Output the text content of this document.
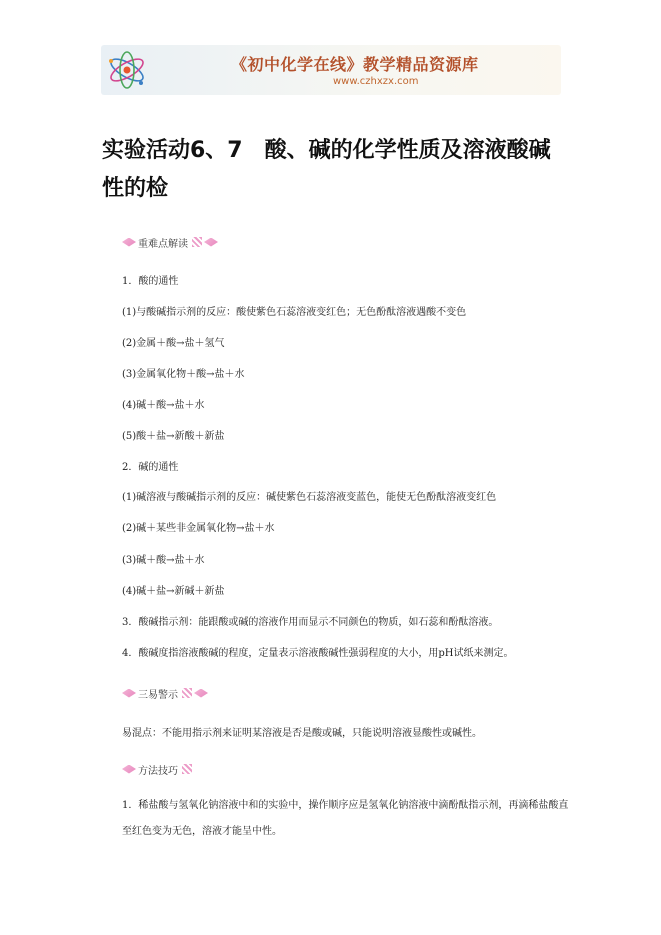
《初中化学在线》教学精品资源库
www.czhxzx.com
实验活动6、7　酸、碱的化学性质及溶液酸碱性的检
重难点解读
1．酸的通性
(1)与酸碱指示剂的反应：酸使紫色石蕊溶液变红色；无色酚酞溶液遇酸不变色
(2)金属＋酸→盐＋氢气
(3)金属氧化物＋酸→盐＋水
(4)碱＋酸→盐＋水
(5)酸＋盐→新酸＋新盐
2．碱的通性
(1)碱溶液与酸碱指示剂的反应：碱使紫色石蕊溶液变蓝色，能使无色酚酞溶液变红色
(2)碱＋某些非金属氧化物→盐＋水
(3)碱＋酸→盐＋水
(4)碱＋盐→新碱＋新盐
3．酸碱指示剂：能跟酸或碱的溶液作用而显示不同颜色的物质，如石蕊和酚酞溶液。
4．酸碱度指溶液酸碱的程度，定量表示溶液酸碱性强弱程度的大小，用pH试纸来测定。
三易警示
易混点：不能用指示剂来证明某溶液是否是酸或碱，只能说明溶液显酸性或碱性。
方法技巧
1．稀盐酸与氢氧化钠溶液中和的实验中，操作顺序应是氢氧化钠溶液中滴酚酞指示剂，再滴稀盐酸直至红色变为无色，溶液才能呈中性。
